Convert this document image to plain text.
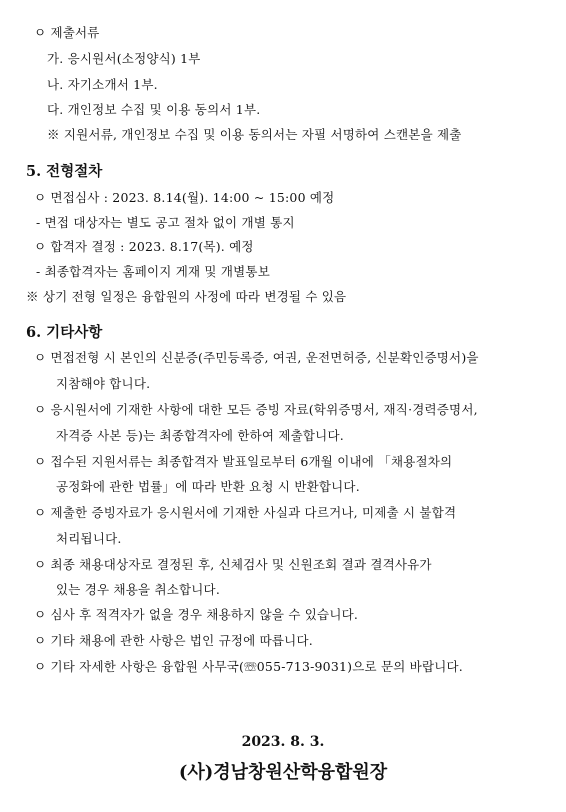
ㅇ 제출서류
가. 응시원서(소정양식) 1부
나. 자기소개서 1부.
다. 개인정보 수집 및 이용 동의서 1부.
※ 지원서류, 개인정보 수집 및 이용 동의서는 자필 서명하여 스캔본을 제출
5. 전형절차
ㅇ 면접심사 : 2023. 8.14(월). 14:00 ~ 15:00 예정
- 면접 대상자는 별도 공고 절차 없이 개별 통지
ㅇ 합격자 결정 : 2023. 8.17(목). 예정
- 최종합격자는 홈페이지 게재 및 개별통보
※ 상기 전형 일정은 융합원의 사정에 따라 변경될 수 있음
6. 기타사항
ㅇ 면접전형 시 본인의 신분증(주민등록증, 여권, 운전면허증, 신분확인증명서)을
지참해야 합니다.
ㅇ 응시원서에 기재한 사항에 대한 모든 증빙 자료(학위증명서, 재직·경력증명서,
자격증 사본 등)는 최종합격자에 한하여 제출합니다.
ㅇ 접수된 지원서류는 최종합격자 발표일로부터 6개월 이내에 「채용절차의
공정화에 관한 법률」에 따라 반환 요청 시 반환합니다.
ㅇ 제출한 증빙자료가 응시원서에 기재한 사실과 다르거나, 미제출 시 불합격
처리됩니다.
ㅇ 최종 채용대상자로 결정된 후, 신체검사 및 신원조회 결과 결격사유가
있는 경우 채용을 취소합니다.
ㅇ 심사 후 적격자가 없을 경우 채용하지 않을 수 있습니다.
ㅇ 기타 채용에 관한 사항은 법인 규정에 따릅니다.
ㅇ 기타 자세한 사항은 융합원 사무국(☏055-713-9031)으로 문의 바랍니다.
2023. 8. 3.
(사)경남창원산학융합원장
